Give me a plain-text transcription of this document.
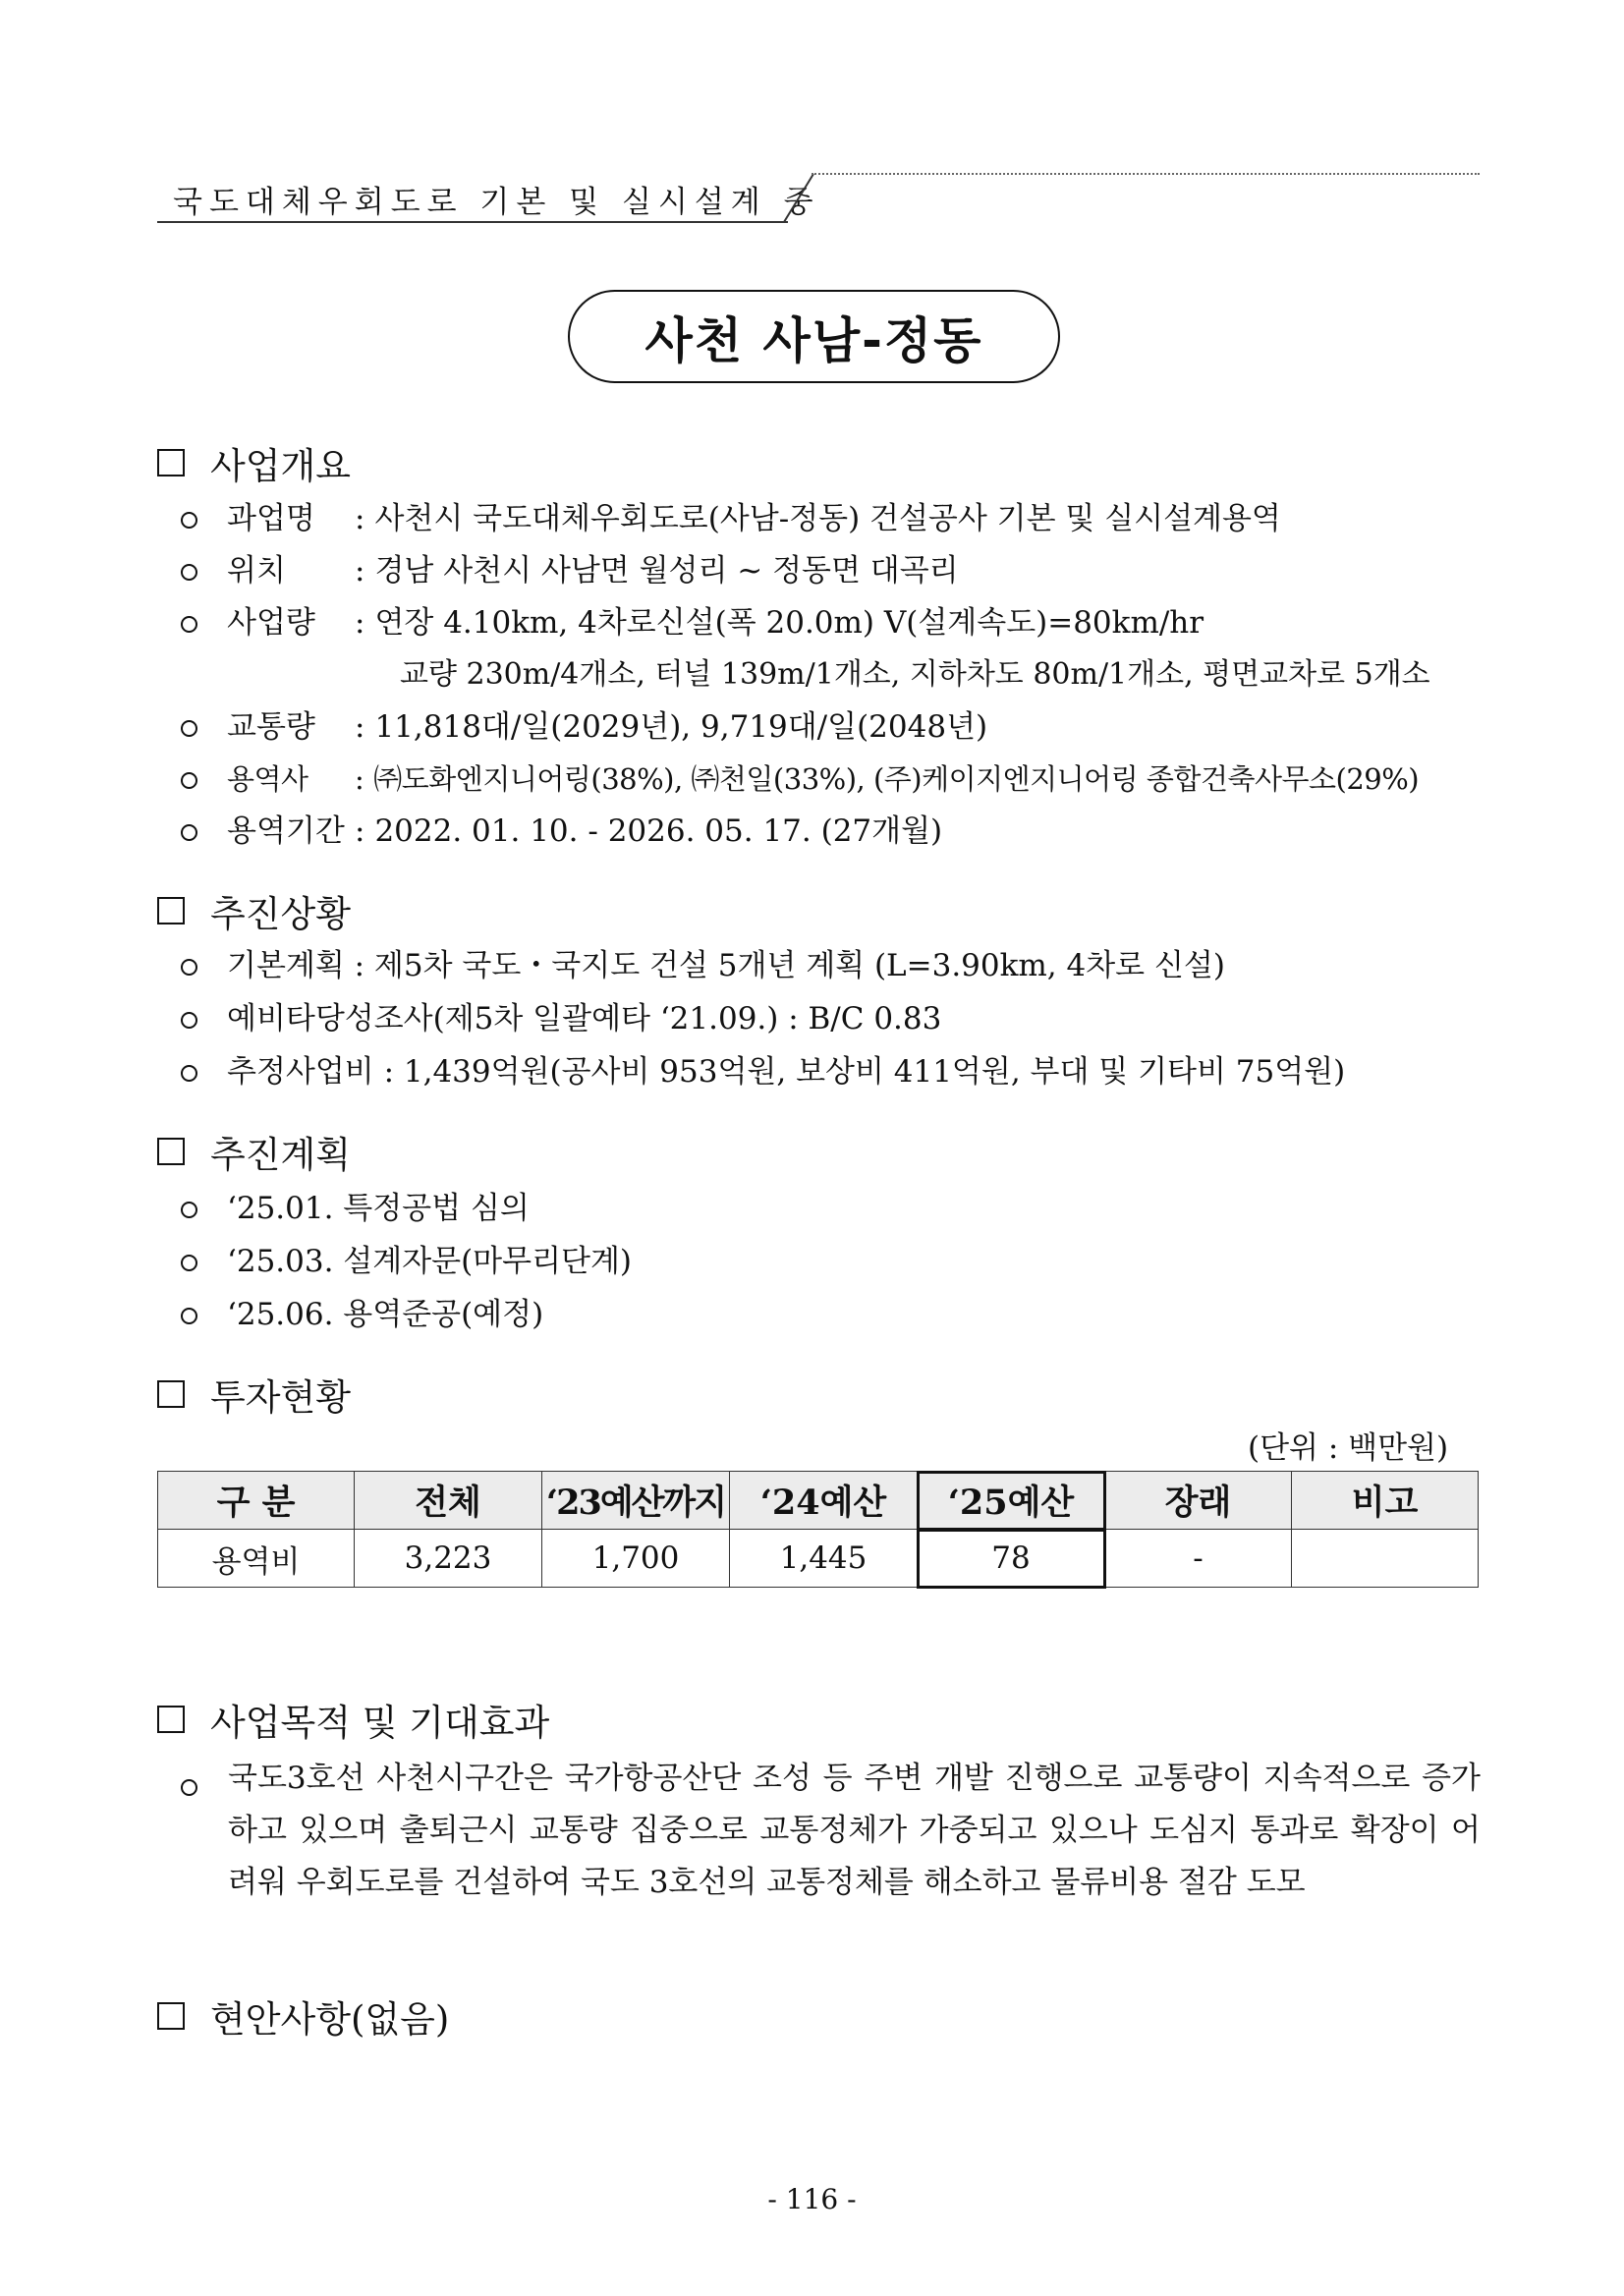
국도대체우회도로 기본 및 실시설계 중
사천 사남-정동
사업개요
과업명	: 사천시 국도대체우회도로(사남-정동) 건설공사 기본 및 실시설계용역
위치	: 경남 사천시 사남면 월성리 ~ 정동면 대곡리
사업량	: 연장 4.10km, 4차로신설(폭 20.0m) V(설계속도)=80km/hr
교량 230m/4개소, 터널 139m/1개소, 지하차도 80m/1개소, 평면교차로 5개소
교통량	: 11,818대/일(2029년), 9,719대/일(2048년)
용역사	: ㈜도화엔지니어링(38%), ㈜천일(33%), (주)케이지엔지니어링 종합건축사무소(29%)
용역기간 : 2022. 01. 10. - 2026. 05. 17. (27개월)
추진상황
기본계획 : 제5차 국도・국지도 건설 5개년 계획 (L=3.90km, 4차로 신설)
예비타당성조사(제5차 일괄예타 ‘21.09.) : B/C 0.83
추정사업비 : 1,439억원(공사비 953억원, 보상비 411억원, 부대 및 기타비 75억원)
추진계획
‘25.01. 특정공법 심의
‘25.03. 설계자문(마무리단계)
‘25.06. 용역준공(예정)
투자현황
(단위 : 백만원)
구 분	전체	‘23예산까지	‘24예산	‘25예산	장래	비고
용역비	3,223	1,700	1,445	78	-	
사업목적 및 기대효과
국도3호선 사천시구간은 국가항공산단 조성 등 주변 개발 진행으로 교통량이 지속적으로 증가하고 있으며 출퇴근시 교통량 집중으로 교통정체가 가중되고 있으나 도심지 통과로 확장이 어려워 우회도로를 건설하여 국도 3호선의 교통정체를 해소하고 물류비용 절감 도모
현안사항(없음)
- 116 -
